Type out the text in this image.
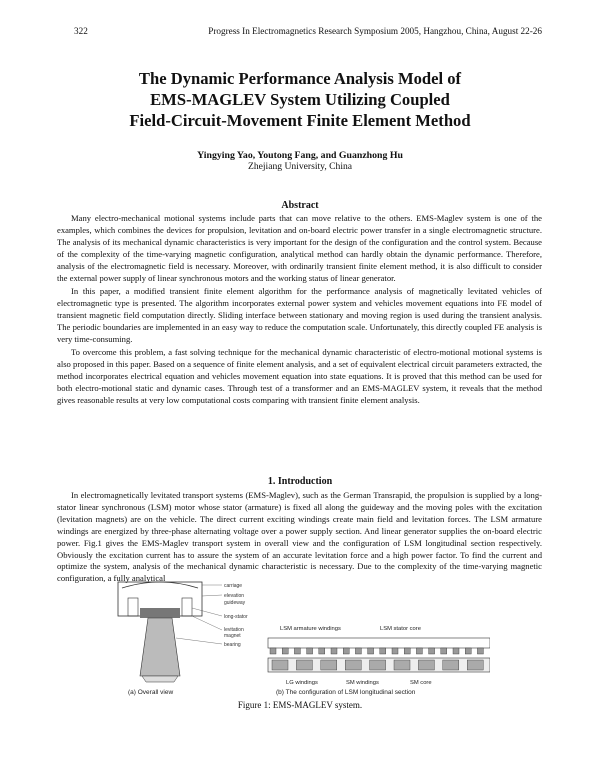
322	Progress In Electromagnetics Research Symposium 2005, Hangzhou, China, August 22-26
The Dynamic Performance Analysis Model of
EMS-MAGLEV System Utilizing Coupled
Field-Circuit-Movement Finite Element Method
Yingying Yao, Youtong Fang, and Guanzhong Hu
Zhejiang University, China
Abstract

Many electro-mechanical motional systems include parts that can move relative to the others. EMS-Maglev system is one of the examples, which combines the devices for propulsion, levitation and on-board electric power transfer in a single electromagnetic structure. The analysis of its mechanical dynamic characteristics is very important for the design of the configuration and the control system. Because of the complexity of the time-varying magnetic configuration, analytical method can hardly obtain the dynamic performance. Therefore, analysis of the electromagnetic field is necessary. Moreover, with ordinarily transient finite element method, it is also difficult to consider the external power supply of linear synchronous motors and the working status of linear generator.

In this paper, a modified transient finite element algorithm for the performance analysis of magnetically levitated vehicles of electromagnetic type is presented. The algorithm incorporates external power system and vehicles movement equations into FE model of transient magnetic field computation directly. Sliding interface between stationary and moving region is used during the transient analysis. The periodic boundaries are implemented in an easy way to reduce the computation scale. Unfortunately, this directly coupled FE analysis is very time-consuming.

To overcome this problem, a fast solving technique for the mechanical dynamic characteristic of electro-motional motional systems is also proposed in this paper. Based on a sequence of finite element analysis, and a set of equivalent electrical circuit parameters extracted, the method incorporates electrical equation and vehicles movement equation into state equations. It is proved that this method can be used for both electro-motional static and dynamic cases. Through test of a transformer and an EMS-MAGLEV system, it reveals that the method gives reasonable results at very low computational costs comparing with transient finite element analysis.

1. Introduction

In electromagnetically levitated transport systems (EMS-Maglev), such as the German Transrapid, the propulsion is supplied by a long-stator linear synchronous (LSM) motor whose stator (armature) is fixed all along the guideway and the moving poles with the excitation (levitation magnets) are on the vehicle. The direct current exciting windings create main field and levitation forces. The LSM armature windings are energized by three-phase alternating voltage over a power supply section. And linear generator supplies the on-board electric power. Fig.1 gives the EMS-Maglev transport system in overall view and the configuration of LSM longitudinal section respectively. Obviously the excitation current has to assure the system of an accurate levitation force and a high power factor. To find the current and optimize the system, analysis of the mechanical dynamic characteristic is necessary. Due to the complexity of the time-varying magnetic configuration, a fully analytical

carriage
elevation
guideway
long-stator
levitation
magnet
bearing
(a) Overall view
LSM armature windings	LSM stator core
LG windings	SM windings	SM core
(b) The configuration of LSM longitudinal section
Figure 1: EMS-MAGLEV system.
